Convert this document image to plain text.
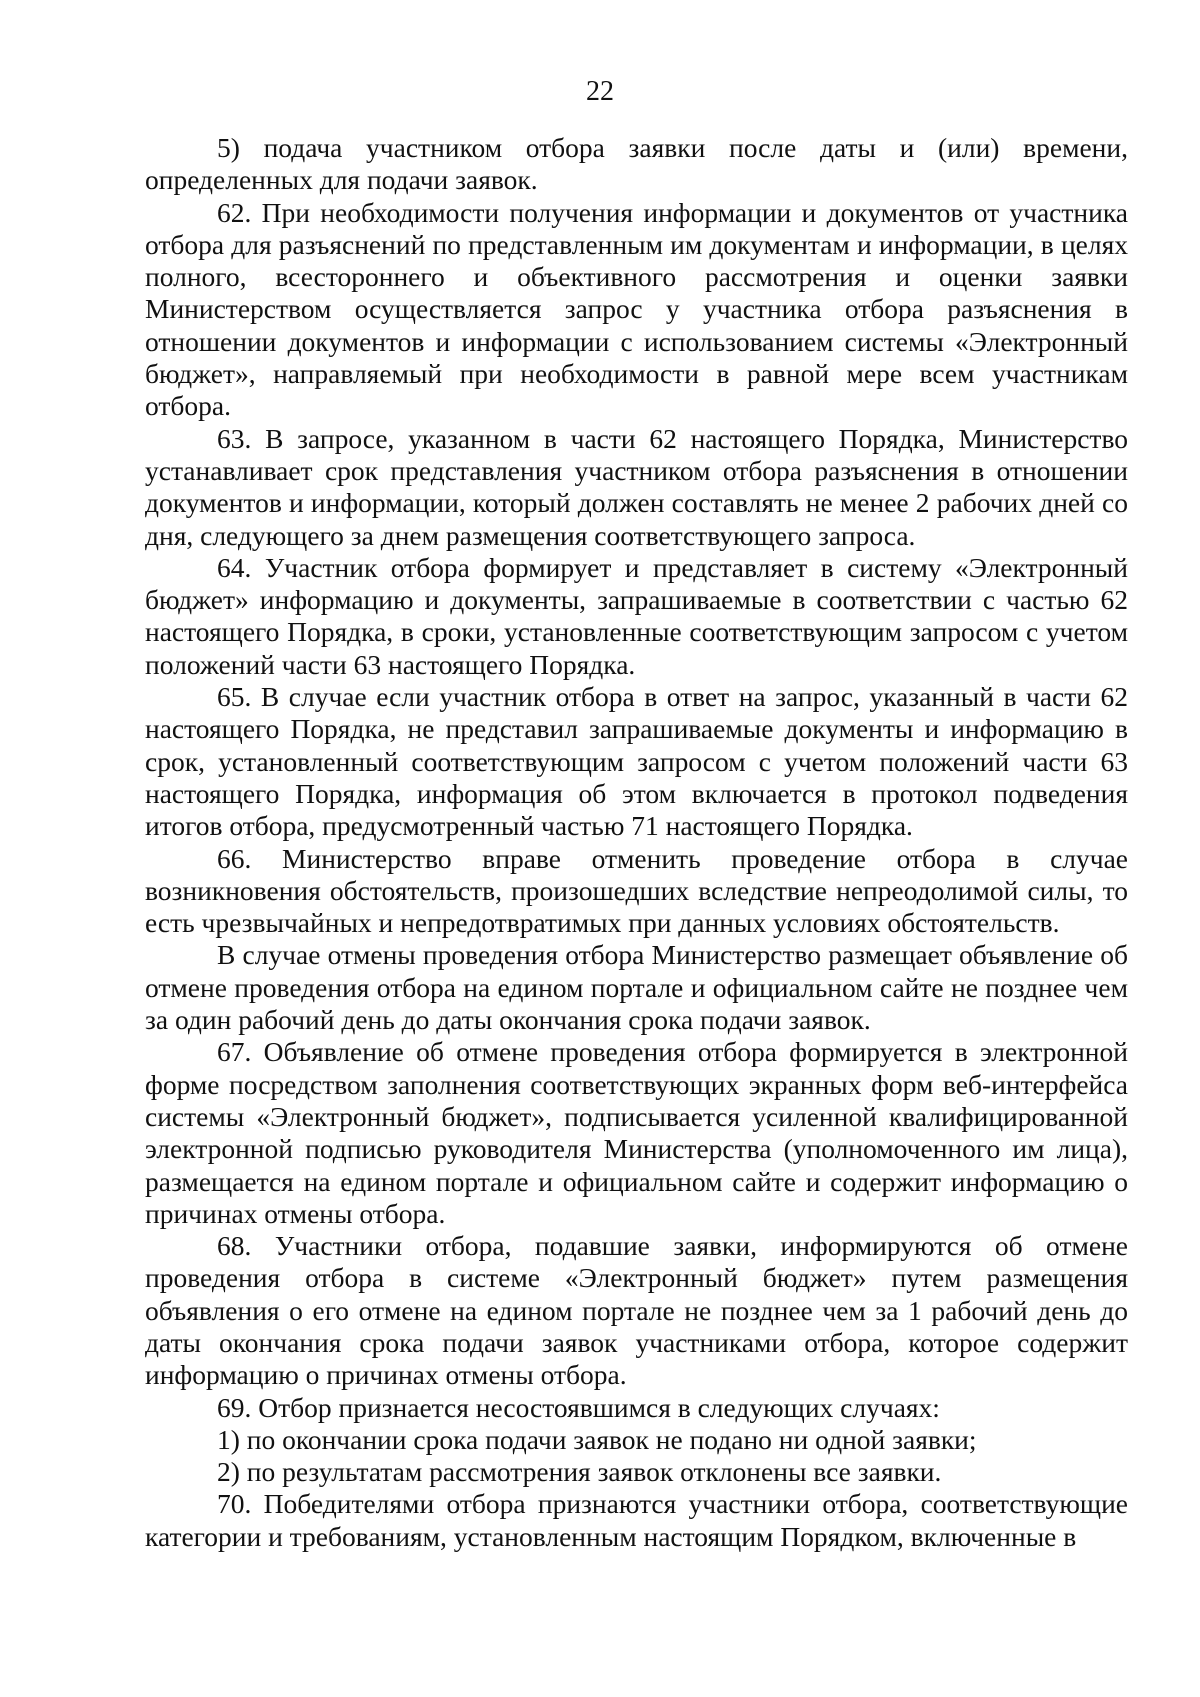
22

5) подача участником отбора заявки после даты и (или) времени, определенных для подачи заявок.

62. При необходимости получения информации и документов от участника отбора для разъяснений по представленным им документам и информации, в целях полного, всестороннего и объективного рассмотрения и оценки заявки Министерством осуществляется запрос у участника отбора разъяснения в отношении документов и информации с использованием системы «Электронный бюджет», направляемый при необходимости в равной мере всем участникам отбора.

63. В запросе, указанном в части 62 настоящего Порядка, Министерство устанавливает срок представления участником отбора разъяснения в отношении документов и информации, который должен составлять не менее 2 рабочих дней со дня, следующего за днем размещения соответствующего запроса.

64. Участник отбора формирует и представляет в систему «Электронный бюджет» информацию и документы, запрашиваемые в соответствии с частью 62 настоящего Порядка, в сроки, установленные соответствующим запросом с учетом положений части 63 настоящего Порядка.

65. В случае если участник отбора в ответ на запрос, указанный в части 62 настоящего Порядка, не представил запрашиваемые документы и информацию в срок, установленный соответствующим запросом с учетом положений части 63 настоящего Порядка, информация об этом включается в протокол подведения итогов отбора, предусмотренный частью 71 настоящего Порядка.

66. Министерство вправе отменить проведение отбора в случае возникновения обстоятельств, произошедших вследствие непреодолимой силы, то есть чрезвычайных и непредотвратимых при данных условиях обстоятельств.

В случае отмены проведения отбора Министерство размещает объявление об отмене проведения отбора на едином портале и официальном сайте не позднее чем за один рабочий день до даты окончания срока подачи заявок.

67. Объявление об отмене проведения отбора формируется в электронной форме посредством заполнения соответствующих экранных форм веб-интерфейса системы «Электронный бюджет», подписывается усиленной квалифицированной электронной подписью руководителя Министерства (уполномоченного им лица), размещается на едином портале и официальном сайте и содержит информацию о причинах отмены отбора.

68. Участники отбора, подавшие заявки, информируются об отмене проведения отбора в системе «Электронный бюджет» путем размещения объявления о его отмене на едином портале не позднее чем за 1 рабочий день до даты окончания срока подачи заявок участниками отбора, которое содержит информацию о причинах отмены отбора.

69. Отбор признается несостоявшимся в следующих случаях:

1) по окончании срока подачи заявок не подано ни одной заявки;

2) по результатам рассмотрения заявок отклонены все заявки.

70. Победителями отбора признаются участники отбора, соответствующие категории и требованиям, установленным настоящим Порядком, включенные в
